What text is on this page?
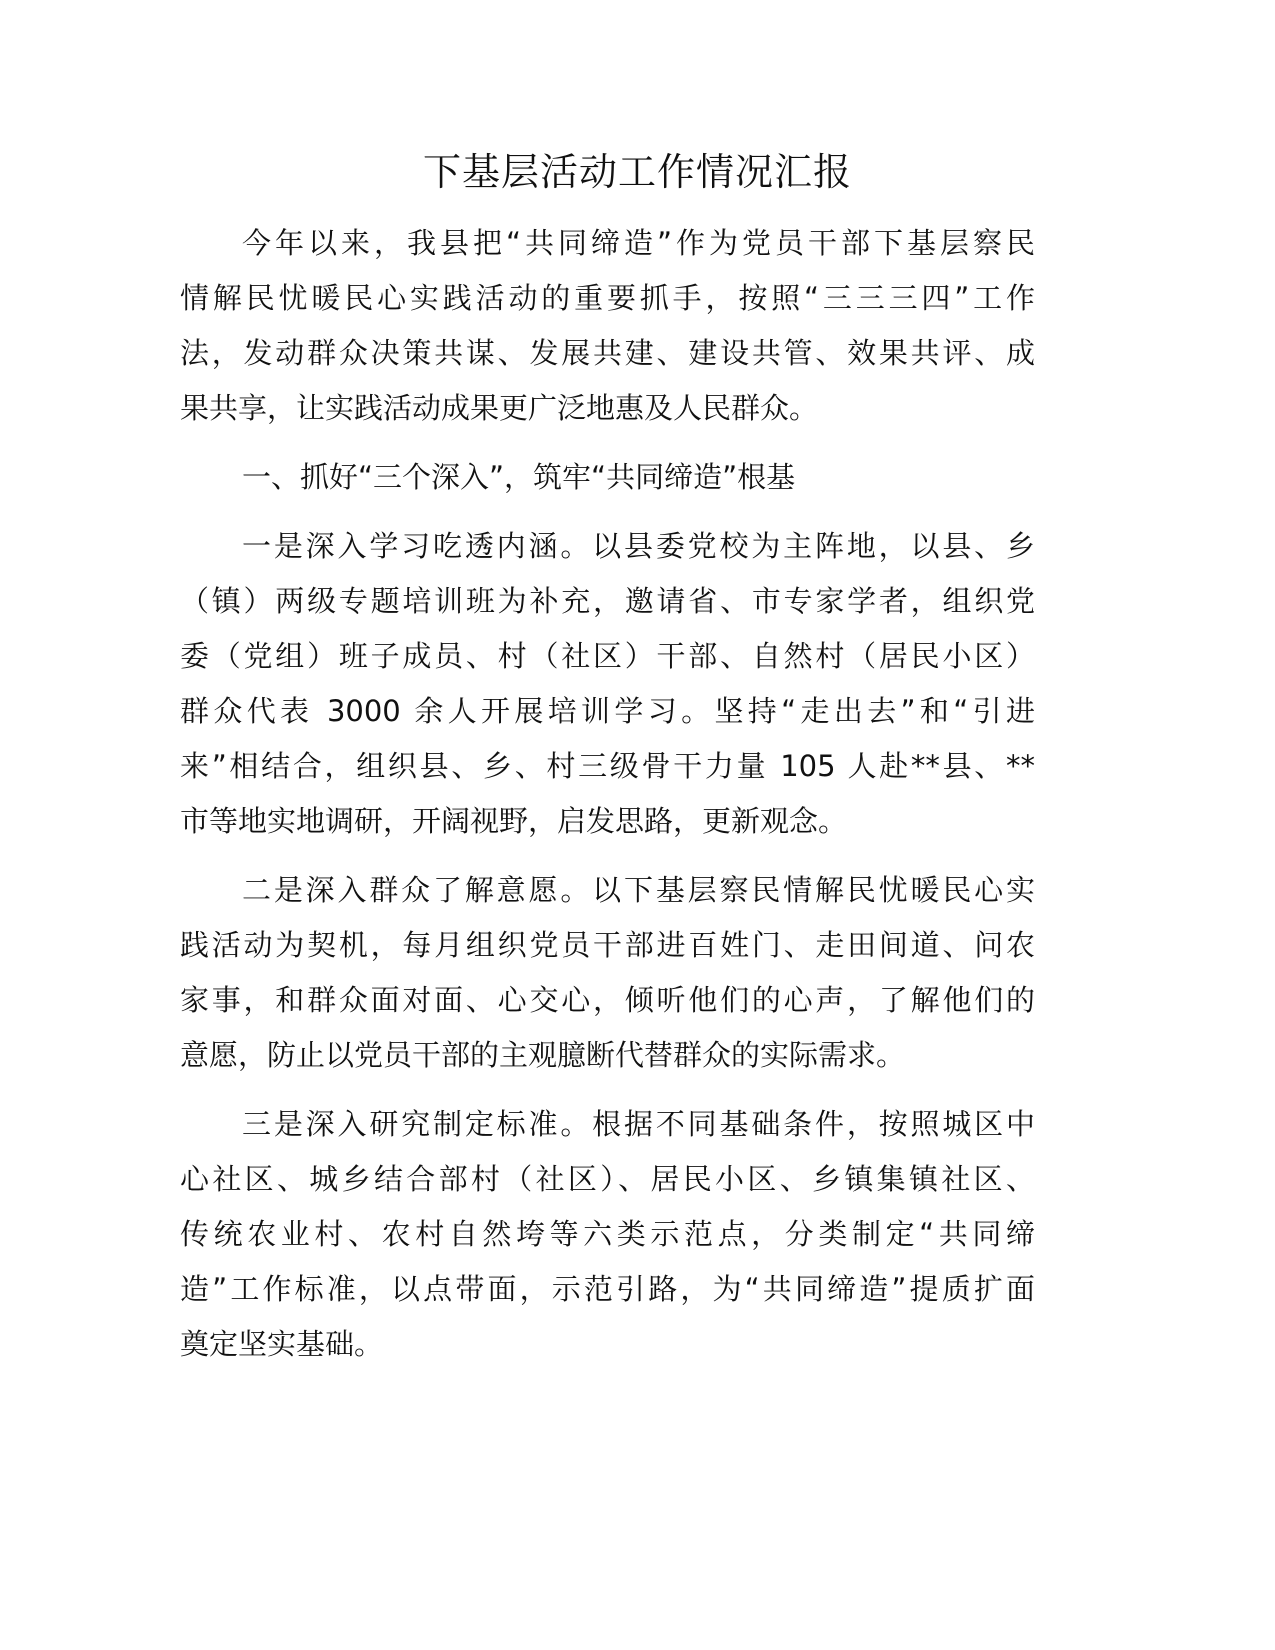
下基层活动工作情况汇报
今年以来，我县把“共同缔造”作为党员干部下基层察民
情解民忧暖民心实践活动的重要抓手，按照“三三三四”工作
法，发动群众决策共谋、发展共建、建设共管、效果共评、成
果共享，让实践活动成果更广泛地惠及人民群众。
一、抓好“三个深入”，筑牢“共同缔造”根基
一是深入学习吃透内涵。以县委党校为主阵地，以县、乡
（镇）两级专题培训班为补充，邀请省、市专家学者，组织党
委（党组）班子成员、村（社区）干部、自然村（居民小区）
群众代表 3000 余人开展培训学习。坚持“走出去”和“引进
来”相结合，组织县、乡、村三级骨干力量 105 人赴**县、**
市等地实地调研，开阔视野，启发思路，更新观念。
二是深入群众了解意愿。以下基层察民情解民忧暖民心实
践活动为契机，每月组织党员干部进百姓门、走田间道、问农
家事，和群众面对面、心交心，倾听他们的心声，了解他们的
意愿，防止以党员干部的主观臆断代替群众的实际需求。
三是深入研究制定标准。根据不同基础条件，按照城区中
心社区、城乡结合部村（社区）、居民小区、乡镇集镇社区、
传统农业村、农村自然垮等六类示范点，分类制定“共同缔
造”工作标准，以点带面，示范引路，为“共同缔造”提质扩面
奠定坚实基础。
